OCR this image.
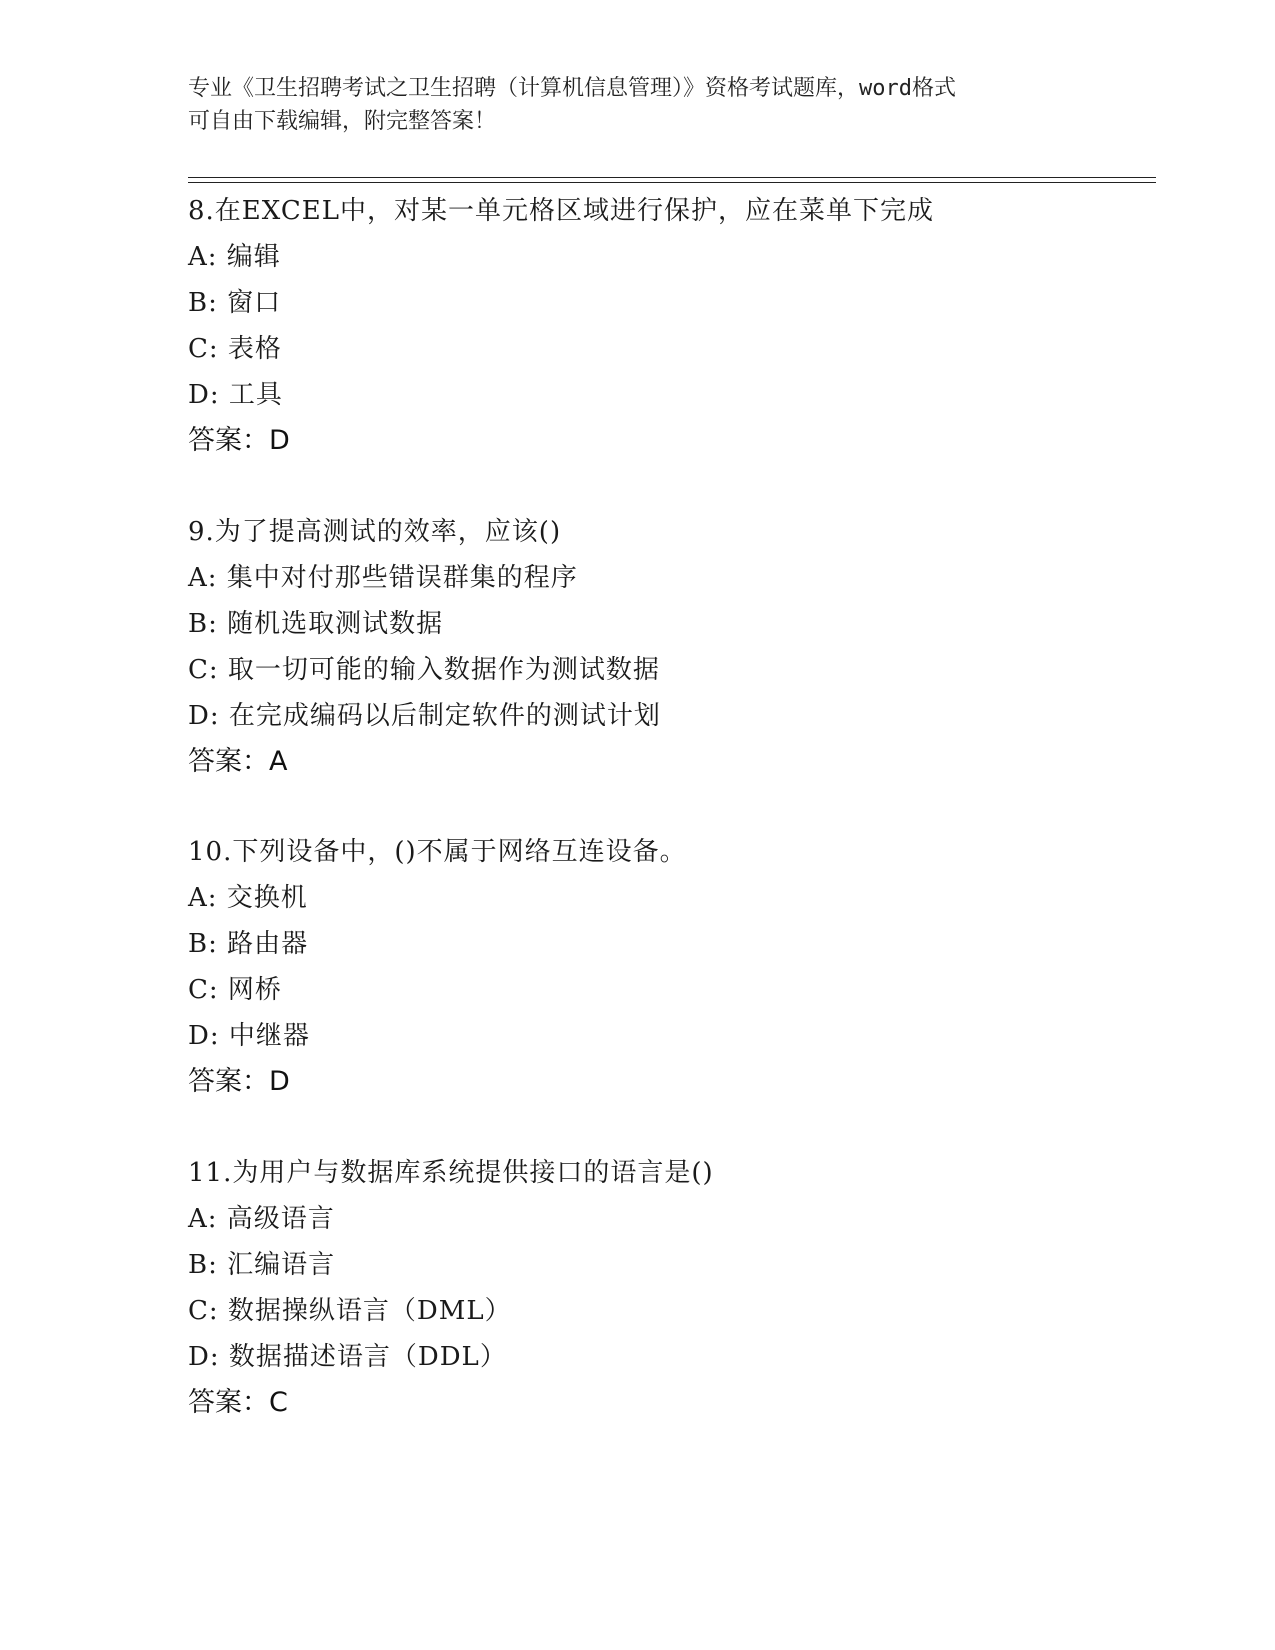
专业《卫生招聘考试之卫生招聘（计算机信息管理）》资格考试题库，word格式
可自由下载编辑，附完整答案！
8.在EXCEL中，对某一单元格区域进行保护，应在菜单下完成
A: 编辑
B: 窗口
C: 表格
D: 工具
答案：D
9.为了提高测试的效率，应该()
A: 集中对付那些错误群集的程序
B: 随机选取测试数据
C: 取一切可能的输入数据作为测试数据
D: 在完成编码以后制定软件的测试计划
答案：A
10.下列设备中，()不属于网络互连设备。
A: 交换机
B: 路由器
C: 网桥
D: 中继器
答案：D
11.为用户与数据库系统提供接口的语言是()
A: 高级语言
B: 汇编语言
C: 数据操纵语言（DML）
D: 数据描述语言（DDL）
答案：C
